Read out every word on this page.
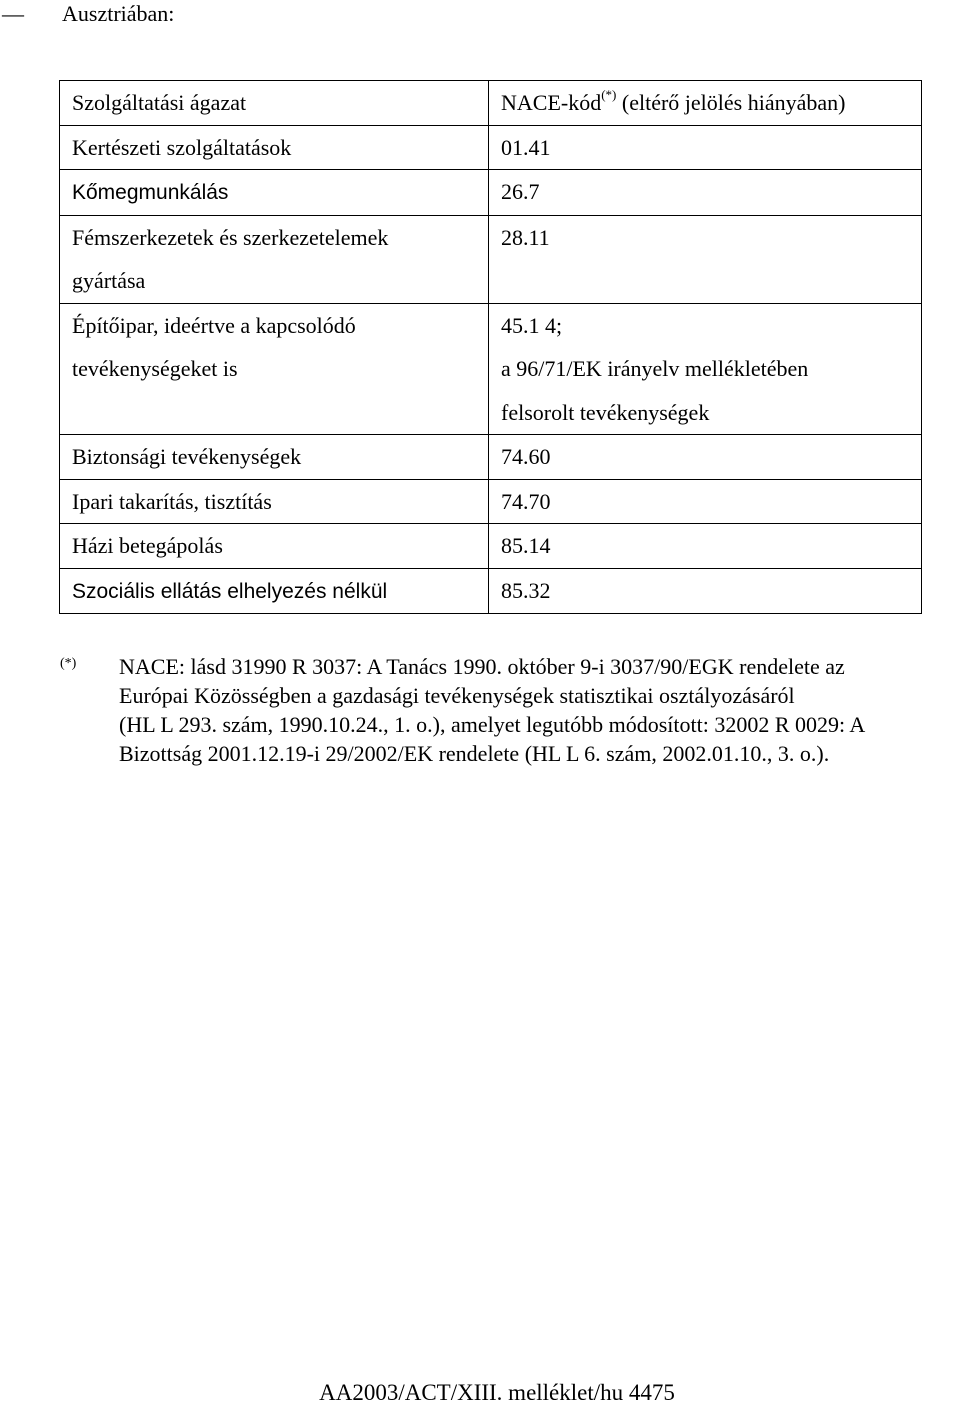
—	Ausztriában:
Szolgáltatási ágazat	NACE-kód(*) (eltérő jelölés hiányában)
Kertészeti szolgáltatások	01.41
Kőmegmunkálás	26.7
Fémszerkezetek és szerkezetelemek
gyártása	28.11
Építőipar, ideértve a kapcsolódó
tevékenységeket is	45.1 4;
a 96/71/EK irányelv mellékletében
felsorolt tevékenységek
Biztonsági tevékenységek	74.60
Ipari takarítás, tisztítás	74.70
Házi betegápolás	85.14
Szociális ellátás elhelyezés nélkül	85.32
(*) NACE: lásd 31990 R 3037: A Tanács 1990. október 9-i 3037/90/EGK rendelete az
Európai Közösségben a gazdasági tevékenységek statisztikai osztályozásáról
(HL L 293. szám, 1990.10.24., 1. o.), amelyet legutóbb módosított: 32002 R 0029: A
Bizottság 2001.12.19-i 29/2002/EK rendelete (HL L 6. szám, 2002.01.10., 3. o.).
AA2003/ACT/XIII. melléklet/hu 4475
